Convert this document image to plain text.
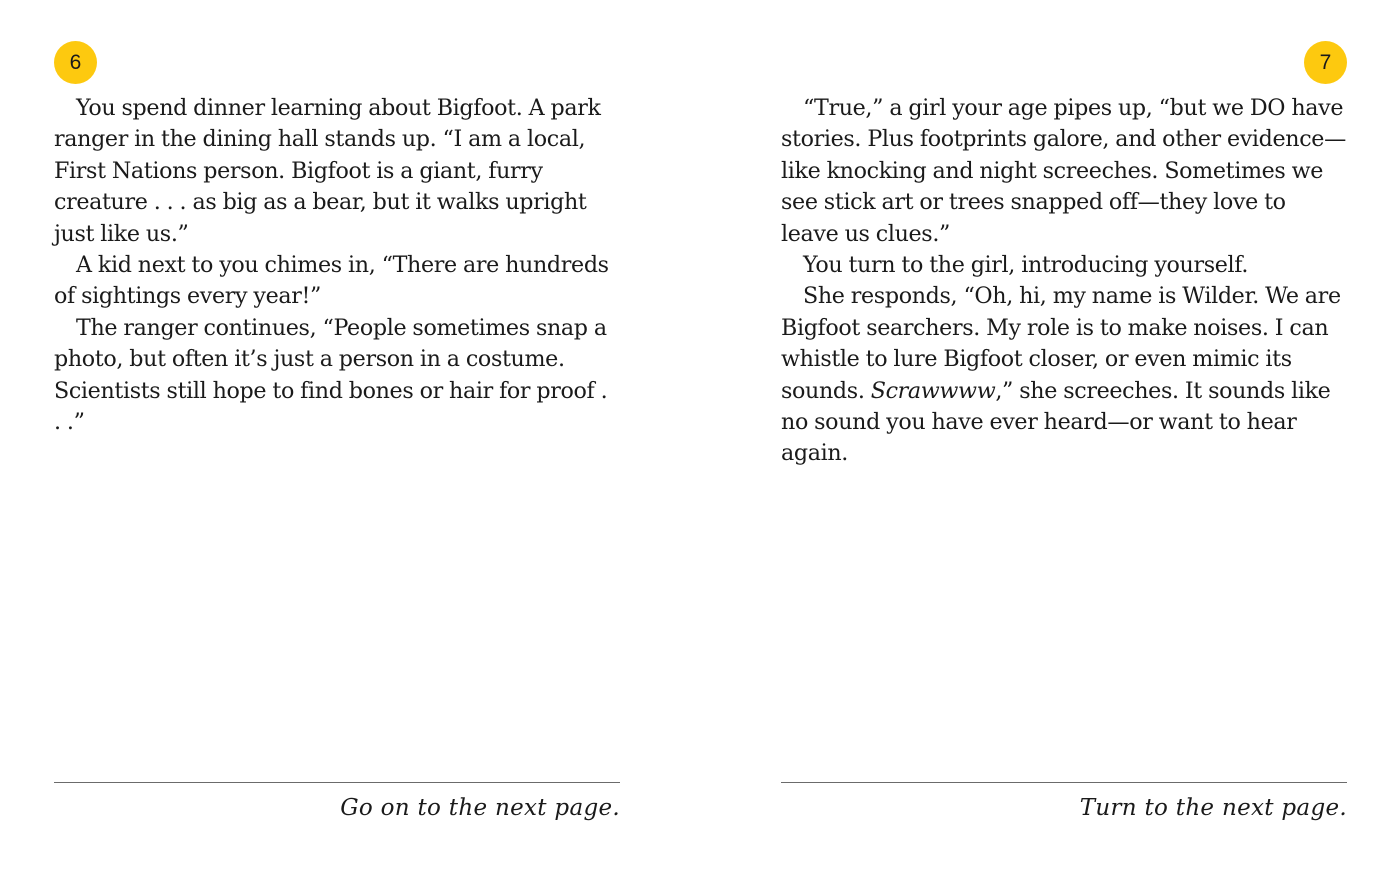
6

You spend dinner learning about Bigfoot. A park ranger in the dining hall stands up. “I am a local, First Nations person. Bigfoot is a giant, furry creature . . . as big as a bear, but it walks upright just like us.”

A kid next to you chimes in, “There are hundreds of sightings every year!”

The ranger continues, “People sometimes snap a photo, but often it’s just a person in a costume. Scientists still hope to find bones or hair for proof . . .”

Go on to the next page.
7

“True,” a girl your age pipes up, “but we DO have stories. Plus footprints galore, and other evidence—like knocking and night screeches. Sometimes we see stick art or trees snapped off—they love to leave us clues.”

You turn to the girl, introducing yourself.

She responds, “Oh, hi, my name is Wilder. We are Bigfoot searchers. My role is to make noises. I can whistle to lure Bigfoot closer, or even mimic its sounds. Scrawwww,” she screeches. It sounds like no sound you have ever heard—or want to hear again.

Turn to the next page.
